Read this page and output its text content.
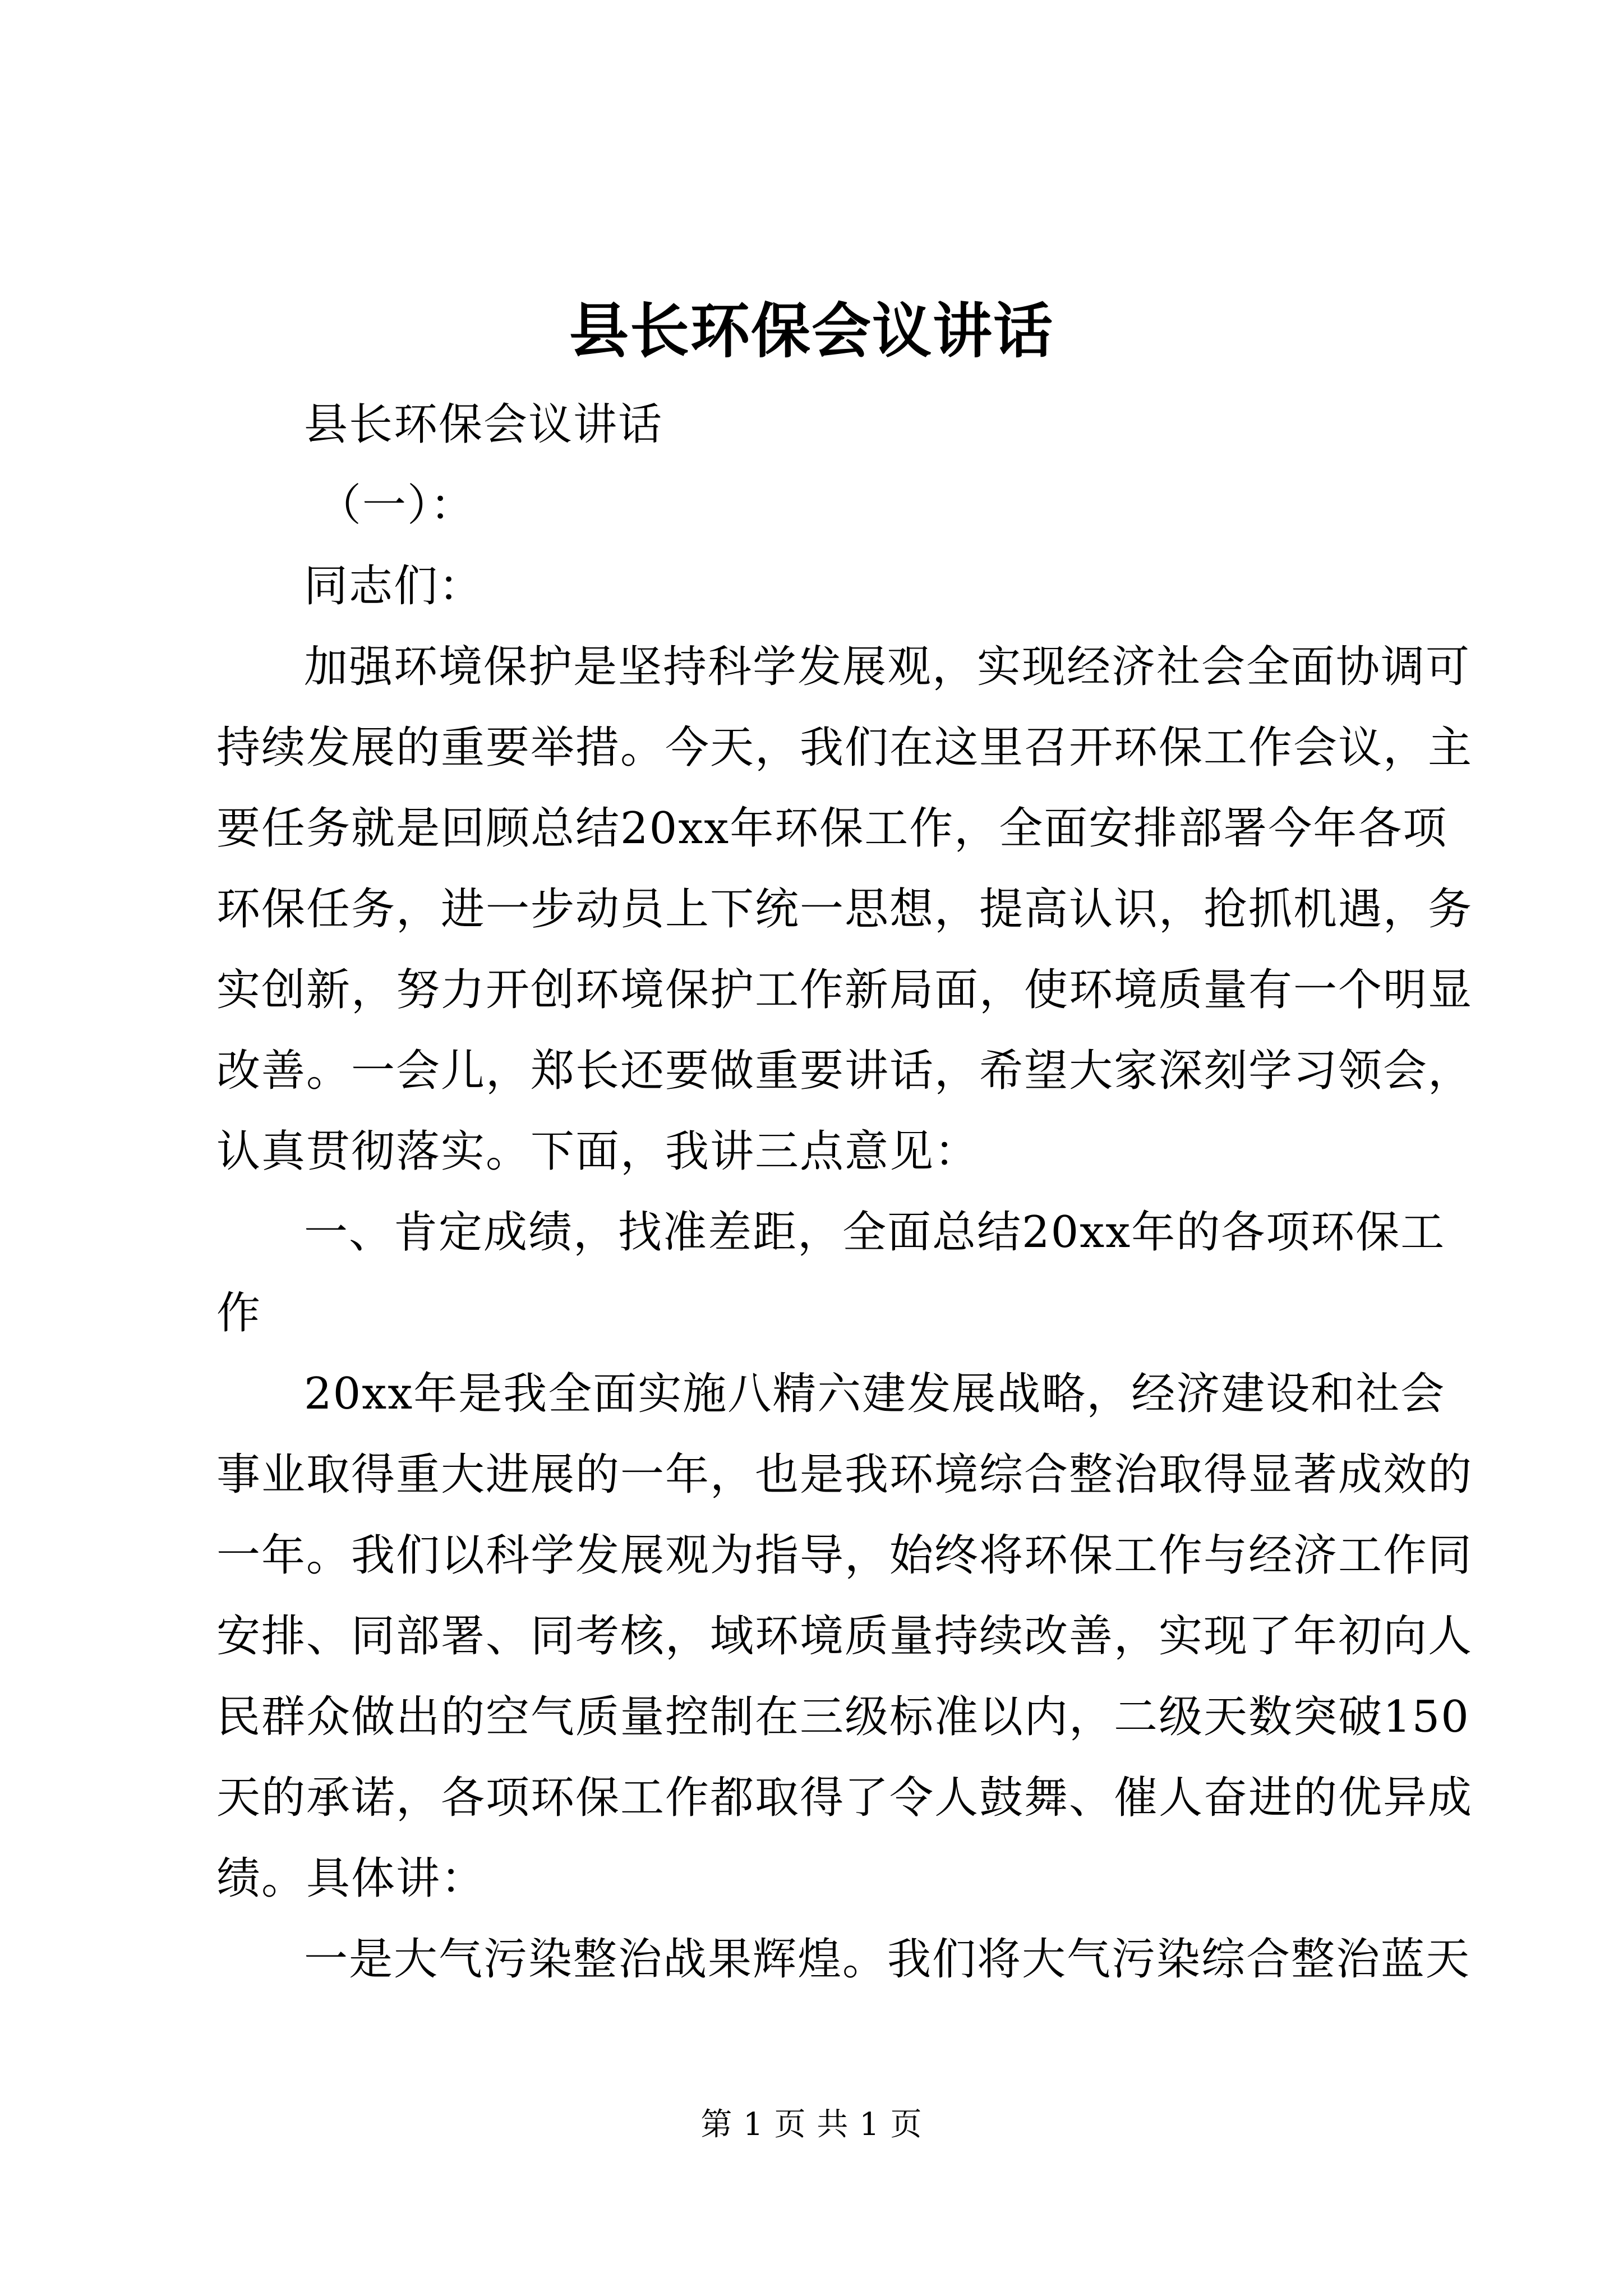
县长环保会议讲话
县长环保会议讲话
（一）：
同志们：
加强环境保护是坚持科学发展观，实现经济社会全面协调可
持续发展的重要举措。今天，我们在这里召开环保工作会议，主
要任务就是回顾总结20xx年环保工作，全面安排部署今年各项
环保任务，进一步动员上下统一思想，提高认识，抢抓机遇，务
实创新，努力开创环境保护工作新局面，使环境质量有一个明显
改善。一会儿，郑长还要做重要讲话，希望大家深刻学习领会，
认真贯彻落实。下面，我讲三点意见：
一、肯定成绩，找准差距，全面总结20xx年的各项环保工
作
20xx年是我全面实施八精六建发展战略，经济建设和社会
事业取得重大进展的一年，也是我环境综合整治取得显著成效的
一年。我们以科学发展观为指导，始终将环保工作与经济工作同
安排、同部署、同考核，域环境质量持续改善，实现了年初向人
民群众做出的空气质量控制在三级标准以内，二级天数突破150
天的承诺，各项环保工作都取得了令人鼓舞、催人奋进的优异成
绩。具体讲：
一是大气污染整治战果辉煌。我们将大气污染综合整治蓝天
第 1 页 共 1 页
